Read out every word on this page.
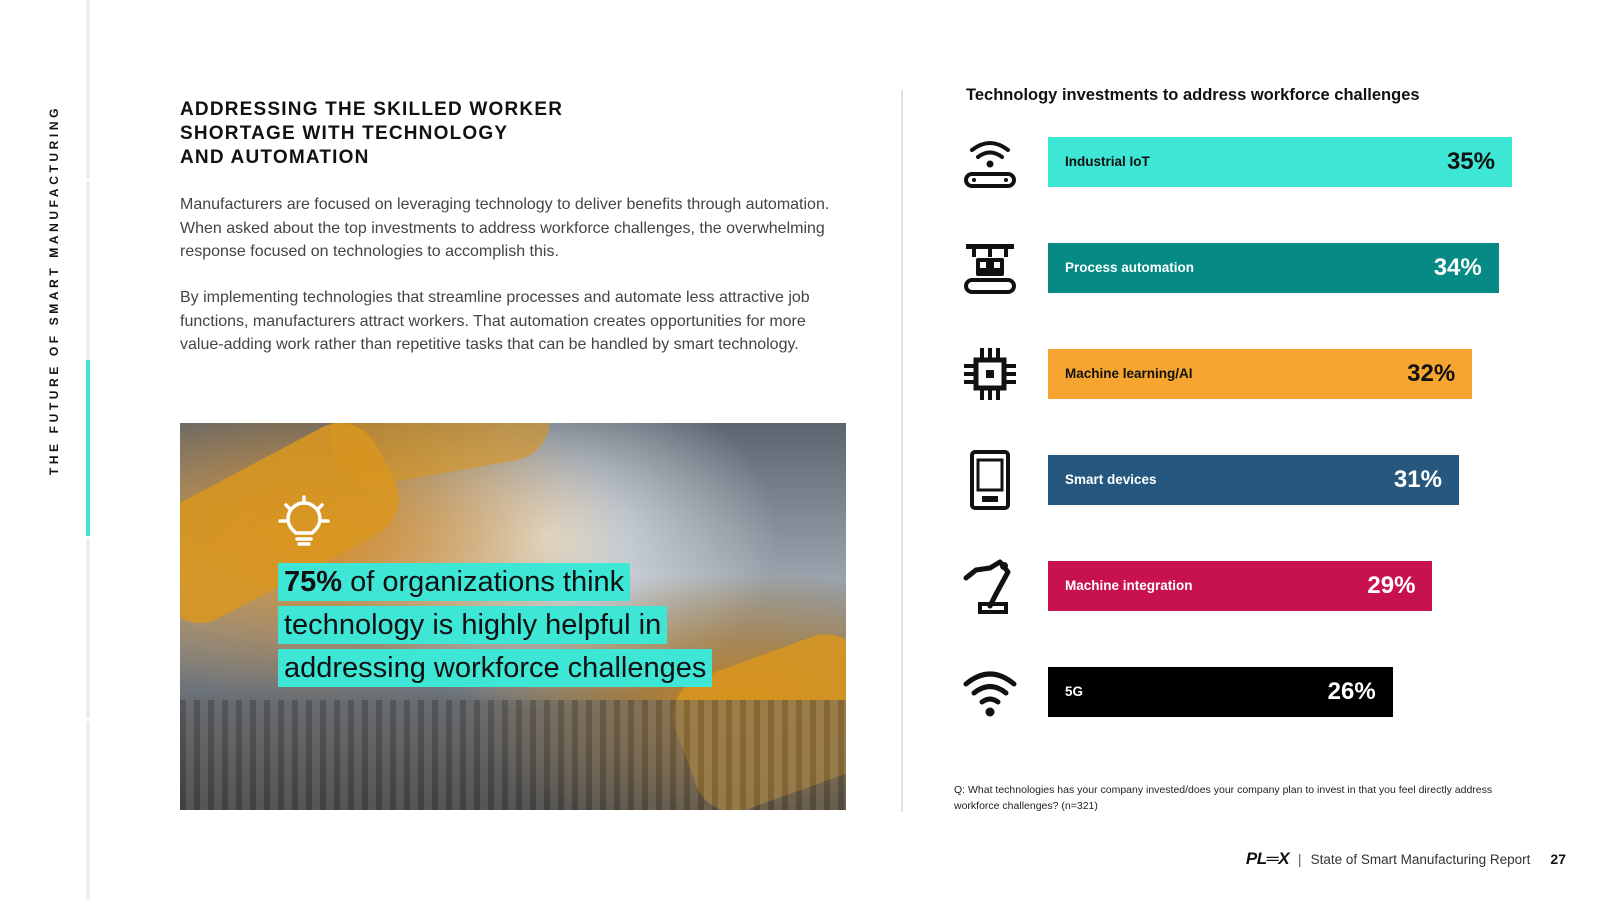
THE FUTURE OF SMART MANUFACTURING	ADDRESSING THE SKILLED WORKER
SHORTAGE WITH TECHNOLOGY
AND AUTOMATION

Manufacturers are focused on leveraging technology to deliver benefits through automation. When asked about the top investments to address workforce challenges, the overwhelming response focused on technologies to accomplish this.

By implementing technologies that streamline processes and automate less attractive job functions, manufacturers attract workers. That automation creates opportunities for more value-adding work rather than repetitive tasks that can be handled by smart technology.

75% of organizations think
technology is highly helpful in
addressing workforce challenges
Technology investments to address workforce challenges
Industrial IoT	35%
Process automation	34%
Machine learning/AI	32%
Smart devices	31%
Machine integration	29%
5G	26%

Q: What technologies has your company invested/does your company plan to invest in that you feel directly address workforce challenges? (n=321)

PL═X | State of Smart Manufacturing Report 27
